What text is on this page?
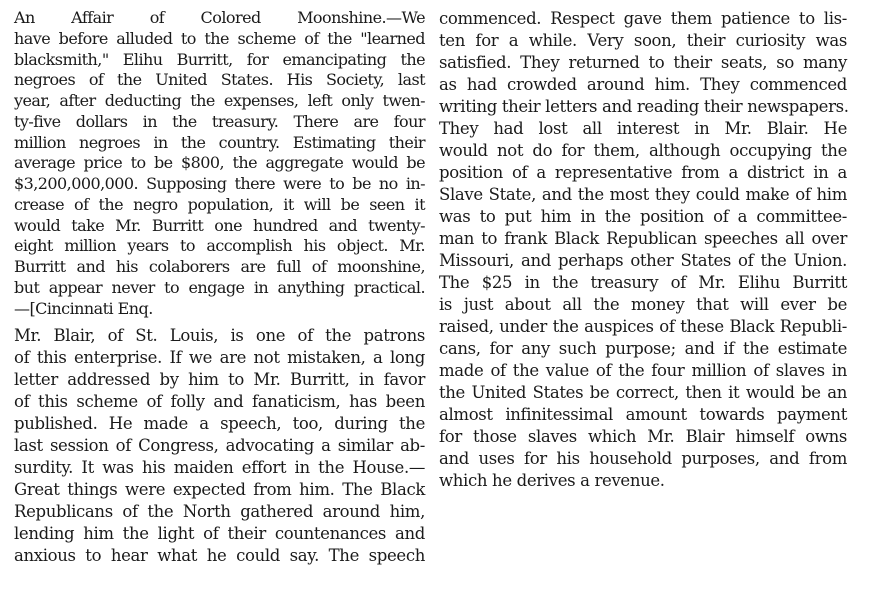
An Affair of Colored Moonshine.—We
have before alluded to the scheme of the "learned
blacksmith," Elihu Burritt, for emancipating the
negroes of the United States. His Society, last
year, after deducting the expenses, left only twen-
ty-five dollars in the treasury. There are four
million negroes in the country. Estimating their
average price to be $800, the aggregate would be
$3,200,000,000. Supposing there were to be no in-
crease of the negro population, it will be seen it
would take Mr. Burritt one hundred and twenty-
eight million years to accomplish his object. Mr.
Burritt and his colaborers are full of moonshine,
but appear never to engage in anything practical.
—[Cincinnati Enq.
Mr. Blair, of St. Louis, is one of the patrons
of this enterprise. If we are not mistaken, a long
letter addressed by him to Mr. Burritt, in favor
of this scheme of folly and fanaticism, has been
published. He made a speech, too, during the
last session of Congress, advocating a similar ab-
surdity. It was his maiden effort in the House.—
Great things were expected from him. The Black
Republicans of the North gathered around him,
lending him the light of their countenances and
anxious to hear what he could say. The speech
commenced. Respect gave them patience to lis-
ten for a while. Very soon, their curiosity was
satisfied. They returned to their seats, so many
as had crowded around him. They commenced
writing their letters and reading their newspapers.
They had lost all interest in Mr. Blair. He
would not do for them, although occupying the
position of a representative from a district in a
Slave State, and the most they could make of him
was to put him in the position of a committee-
man to frank Black Republican speeches all over
Missouri, and perhaps other States of the Union.
The $25 in the treasury of Mr. Elihu Burritt
is just about all the money that will ever be
raised, under the auspices of these Black Republi-
cans, for any such purpose; and if the estimate
made of the value of the four million of slaves in
the United States be correct, then it would be an
almost infinitessimal amount towards payment
for those slaves which Mr. Blair himself owns
and uses for his household purposes, and from
which he derives a revenue.
